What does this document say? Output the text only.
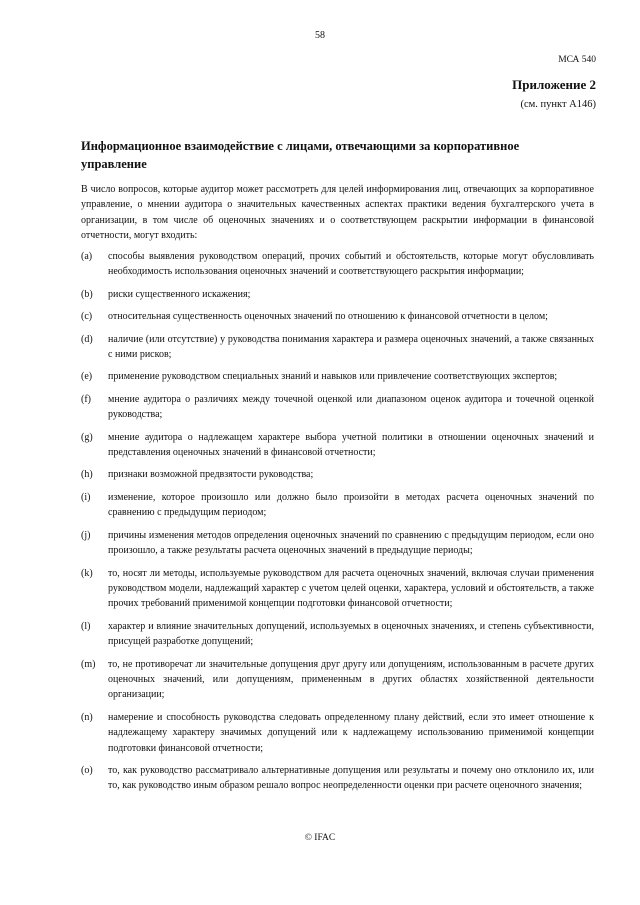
58
МСА 540
Приложение 2
(см. пункт А146)
Информационное взаимодействие с лицами, отвечающими за корпоративное управление

В число вопросов, которые аудитор может рассмотреть для целей информирования лиц, отвечающих за корпоративное управление, о мнении аудитора о значительных качественных аспектах практики ведения бухгалтерского учета в организации, в том числе об оценочных значениях и о соответствующем раскрытии информации в финансовой отчетности, могут входить:

(a)	способы выявления руководством операций, прочих событий и обстоятельств, которые могут обусловливать необходимость использования оценочных значений и соответствующего раскрытия информации;
(b)	риски существенного искажения;
(c)	относительная существенность оценочных значений по отношению к финансовой отчетности в целом;
(d)	наличие (или отсутствие) у руководства понимания характера и размера оценочных значений, а также связанных с ними рисков;
(e)	применение руководством специальных знаний и навыков или привлечение соответствующих экспертов;
(f)	мнение аудитора о различиях между точечной оценкой или диапазоном оценок аудитора и точечной оценкой руководства;
(g)	мнение аудитора о надлежащем характере выбора учетной политики в отношении оценочных значений и представления оценочных значений в финансовой отчетности;
(h)	признаки возможной предвзятости руководства;
(i)	изменение, которое произошло или должно было произойти в методах расчета оценочных значений по сравнению с предыдущим периодом;
(j)	причины изменения методов определения оценочных значений по сравнению с предыдущим периодом, если оно произошло, а также результаты расчета оценочных значений в предыдущие периоды;
(k)	то, носят ли методы, используемые руководством для расчета оценочных значений, включая случаи применения руководством модели, надлежащий характер с учетом целей оценки, характера, условий и обстоятельств, а также прочих требований применимой концепции подготовки финансовой отчетности;
(l)	характер и влияние значительных допущений, используемых в оценочных значениях, и степень субъективности, присущей разработке допущений;
(m)	то, не противоречат ли значительные допущения друг другу или допущениям, использованным в расчете других оценочных значений, или допущениям, примененным в других областях хозяйственной деятельности организации;
(n)	намерение и способность руководства следовать определенному плану действий, если это имеет отношение к надлежащему характеру значимых допущений или к надлежащему использованию применимой концепции подготовки финансовой отчетности;
(o)	то, как руководство рассматривало альтернативные допущения или результаты и почему оно отклонило их, или то, как руководство иным образом решало вопрос неопределенности оценки при расчете оценочного значения;
© IFAC
